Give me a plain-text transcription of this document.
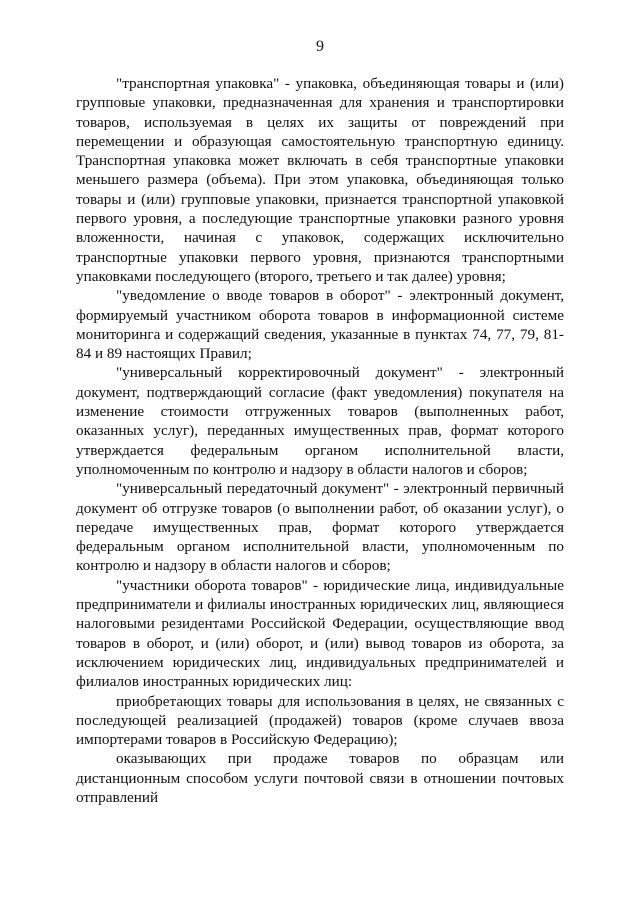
9

"транспортная упаковка" - упаковка, объединяющая товары и (или) групповые упаковки, предназначенная для хранения и транспортировки товаров, используемая в целях их защиты от повреждений при перемещении и образующая самостоятельную транспортную единицу. Транспортная упаковка может включать в себя транспортные упаковки меньшего размера (объема). При этом упаковка, объединяющая только товары и (или) групповые упаковки, признается транспортной упаковкой первого уровня, а последующие транспортные упаковки разного уровня вложенности, начиная с упаковок, содержащих исключительно транспортные упаковки первого уровня, признаются транспортными упаковками последующего (второго, третьего и так далее) уровня;

"уведомление о вводе товаров в оборот" - электронный документ, формируемый участником оборота товаров в информационной системе мониторинга и содержащий сведения, указанные в пунктах 74, 77, 79, 81- 84 и 89 настоящих Правил;

"универсальный корректировочный документ" - электронный документ, подтверждающий согласие (факт уведомления) покупателя на изменение стоимости отгруженных товаров (выполненных работ, оказанных услуг), переданных имущественных прав, формат которого утверждается федеральным органом исполнительной власти, уполномоченным по контролю и надзору в области налогов и сборов;

"универсальный передаточный документ" - электронный первичный документ об отгрузке товаров (о выполнении работ, об оказании услуг), о передаче имущественных прав, формат которого утверждается федеральным органом исполнительной власти, уполномоченным по контролю и надзору в области налогов и сборов;

"участники оборота товаров" - юридические лица, индивидуальные предприниматели и филиалы иностранных юридических лиц, являющиеся налоговыми резидентами Российской Федерации, осуществляющие ввод товаров в оборот, и (или) оборот, и (или) вывод товаров из оборота, за исключением юридических лиц, индивидуальных предпринимателей и филиалов иностранных юридических лиц:

приобретающих товары для использования в целях, не связанных с последующей реализацией (продажей) товаров (кроме случаев ввоза импортерами товаров в Российскую Федерацию);

оказывающих при продаже товаров по образцам или дистанционным способом услуги почтовой связи в отношении почтовых отправлений
